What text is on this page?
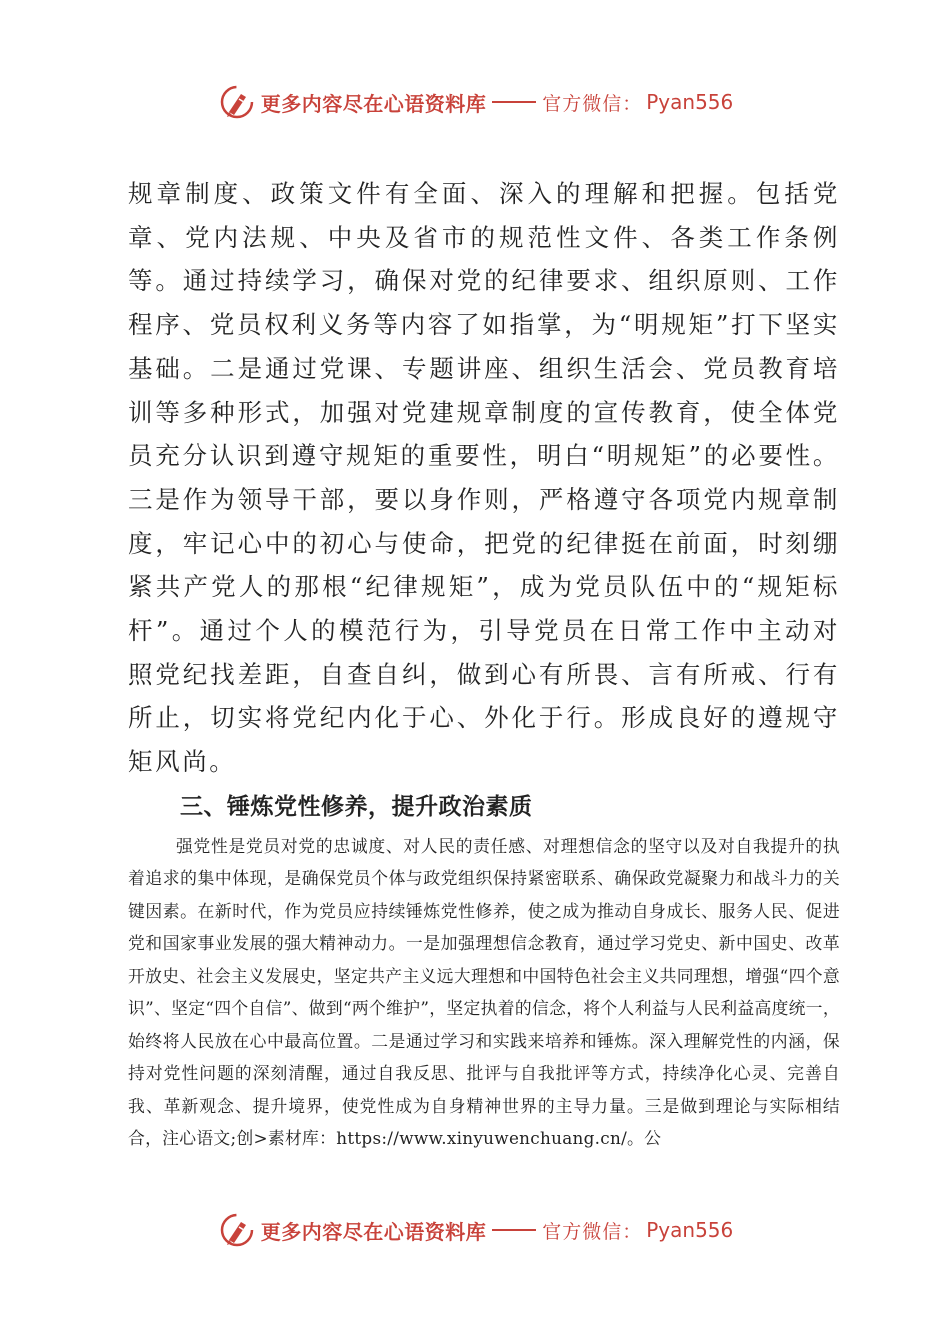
更多内容尽在心语资料库	官方微信： Pyan556

规章制度、政策文件有全面、深入的理解和把握。包括党章、党内法规、中央及省市的规范性文件、各类工作条例等。通过持续学习，确保对党的纪律要求、组织原则、工作程序、党员权利义务等内容了如指掌，为“明规矩”打下坚实基础。二是通过党课、专题讲座、组织生活会、党员教育培训等多种形式，加强对党建规章制度的宣传教育，使全体党员充分认识到遵守规矩的重要性，明白“明规矩”的必要性。三是作为领导干部，要以身作则，严格遵守各项党内规章制度，牢记心中的初心与使命，把党的纪律挺在前面，时刻绷紧共产党人的那根“纪律规矩”，成为党员队伍中的“规矩标杆”。通过个人的模范行为，引导党员在日常工作中主动对照党纪找差距，自查自纠，做到心有所畏、言有所戒、行有所止，切实将党纪内化于心、外化于行。形成良好的遵规守矩风尚。

三、锤炼党性修养，提升政治素质

强党性是党员对党的忠诚度、对人民的责任感、对理想信念的坚守以及对自我提升的执着追求的集中体现，是确保党员个体与政党组织保持紧密联系、确保政党凝聚力和战斗力的关键因素。在新时代，作为党员应持续锤炼党性修养，使之成为推动自身成长、服务人民、促进党和国家事业发展的强大精神动力。一是加强理想信念教育，通过学习党史、新中国史、改革开放史、社会主义发展史，坚定共产主义远大理想和中国特色社会主义共同理想，增强“四个意识”、坚定“四个自信”、做到“两个维护”，坚定执着的信念，将个人利益与人民利益高度统一，始终将人民放在心中最高位置。二是通过学习和实践来培养和锤炼。深入理解党性的内涵，保持对党性问题的深刻清醒，通过自我反思、批评与自我批评等方式，持续净化心灵、完善自我、革新观念、提升境界，使党性成为自身精神世界的主导力量。三是做到理论与实际相结合，注心语文;创>素材库：https://www.xinyuwenchuang.cn/。公

更多内容尽在心语资料库	官方微信： Pyan556
